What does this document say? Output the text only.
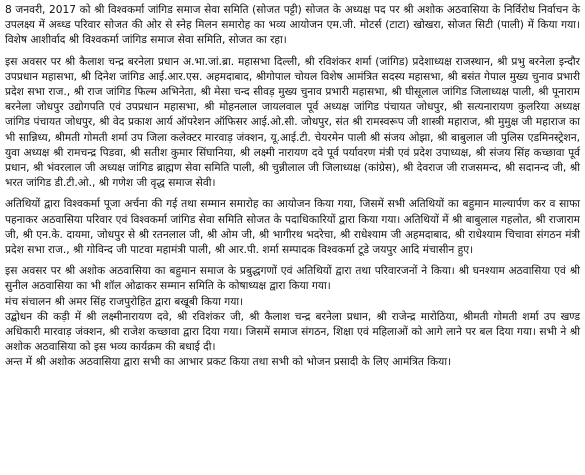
8 जनवरी, 2017 को श्री विश्वकर्मा जांगिड समाज सेवा समिति (सोजत पट्टी) सोजत के अध्यक्ष पद पर श्री अशोक अठवासिया के निर्विरोध निर्वाचन के उपलक्ष्य में अब्ध्‍ड परिवार सोजत की ओर से स्नेह मिलन समारोह का भव्य आयोजन एम.जी. मोटर्स (टाटा) खोखरा, सोजत सिटी (पाली) में किया गया। विशेष आशीर्वाद श्री विश्वकर्मा जांगिड समाज सेवा समिति, सोजत का रहा।

इस अवसर पर श्री कैलाश चन्द्र बरनेला प्रधान अ.भा.जां.ब्रा. महासभा दिल्ली, श्री रविशंकर शर्मा (जांगिड) प्रदेशाध्यक्ष राजस्थान, श्री प्रभु बरनेला इन्दौर उपप्रधान महासभा, श्री दिनेश जांगिड आई.आर.एस. अहमदाबाद, श्रीगोपाल चोयल विशेष आमंत्रित सदस्य महासभा, श्री बसंत गेपाल मुख्य चुनाव प्रभारी प्रदेश सभा राज., श्री राज जांगिड फिल्म अभिनेता, श्री मेसा चन्द सीवड़ मुख्य चुनाव प्रभारी महासभा, श्री घीसूलाल जांगिड जिलाध्यक्ष पाली, श्री पूनाराम बरनेला जोधपुर उद्योगपति एवं उपप्रधान महासभा, श्री मोहनलाल जायलवाल पूर्व अध्यक्ष जांगिड पंचायत जोधपुर, श्री सत्यनारायण कुलरिया अध्यक्ष जांगिड पंचायत जोधपुर, श्री वेद प्रकाश आर्य ऑपरेशन ऑफिसर आई.ओ.सी. जोधपुर, संत श्री रामस्वरूप जी शास्त्री महाराज, श्री मुमुक्ष जी महाराज का भी सान्निध्य, श्रीमती गोमती शर्मा उप जिला कलेक्टर मारवाड़ जंक्शन, यू.आई.टी. चेयरमेन पाली श्री संजय ओझा, श्री बाबुलाल जी पुलिस एडमिनस्ट्रेशन, युवा अध्यक्ष श्री रामचन्द्र पिडवा, श्री सतीश कुमार सिंघानिया, श्री लक्ष्मी नारायण दवे पूर्व पर्यावरण मंत्री एवं प्रदेश उपाध्यक्ष, श्री संजय सिंह कच्छावा पूर्व प्रधान, श्री भंवरलाल जी अध्यक्ष जांगिड ब्राह्मण सेवा समिति पाली, श्री चुन्नीलाल जी जिलाध्यक्ष (कांग्रेस), श्री देवराज जी राजसमन्द, श्री सदानन्द जी, श्री भरत जांगिड डी.टी.ओ., श्री गणेश जी वृद्ध समाज सेवी।

अतिथियों द्वारा विश्वकर्मा पूजा अर्चना की गई तथा सम्मान समारोह का आयोजन किया गया, जिसमें सभी अतिथियों का बहुमान माल्यार्पण कर व साफा पहनाकर अठवासिया परिवार एवं विश्वकर्मा जांगिड सेवा समिति सोजत के पदाधिकारियों द्वारा किया गया। अतिथियों में श्री बाबुलाल गहलोत, श्री राजाराम जी, श्री एन.के. दायमा, जोधपुर से श्री रतनलाल जी, श्री ओम जी, श्री भागीरथ भदरेचा, श्री राधेश्याम जी अहमदाबाद, श्री राधेश्याम चिचावा संगठन मंत्री प्रदेश सभा राज., श्री गोविन्द जी पाटवा महामंत्री पाली, श्री आर.पी. शर्मा सम्पादक विश्वकर्मा टूडे जयपुर आदि मंचासीन हुए।

इस अवसर पर श्री अशोक अठवासिया का बहुमान समाज के प्रबुद्धगणों एवं अतिथियों द्वारा तथा परिवारजनों ने किया। श्री घनश्याम अठवासिया एवं श्री सुनील अठवासिया का भी शॉल ओढाकर सम्मान समिति के कोषाध्यक्ष द्वारा किया गया।

मंच संचालन श्री अमर सिंह राजपुरोहित द्वारा बखूबी किया गया।

उद्बोधन की कड़ी में श्री लक्ष्मीनारायण दवे, श्री रविशंकर जी, श्री कैलाश चन्द्र बरनेला प्रधान, श्री राजेन्द्र मारोठिया, श्रीमती गोमती शर्मा उप खण्ड अधिकारी मारवाड़ जंक्शन, श्री राजेश कच्छावा द्वारा दिया गया। जिसमें समाज संगठन, शिक्षा एवं महिलाओं को आगे लाने पर बल दिया गया। सभी ने श्री अशोक अठवासिया को इस भव्य कार्यक्रम की बधाई दी।

अन्त में श्री अशोक अठवासिया द्वारा सभी का आभार प्रकट किया तथा सभी को भोजन प्रसादी के लिए आमंत्रित किया।
